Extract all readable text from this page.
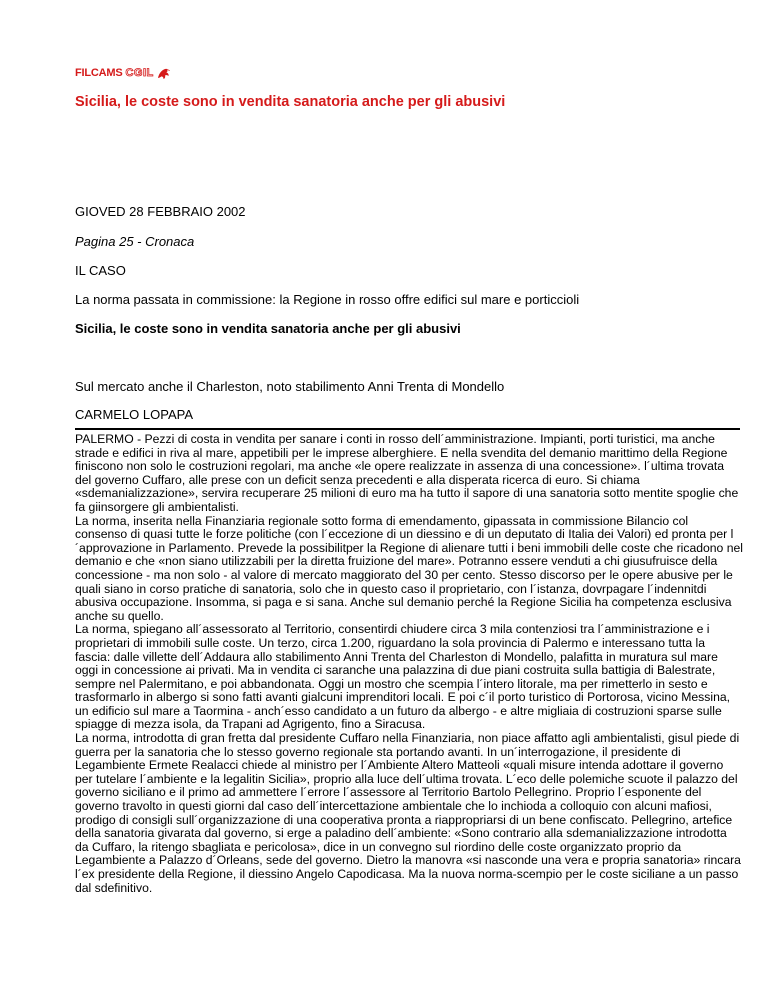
FILCAMS CGIL
Sicilia, le coste sono in vendita sanatoria anche per gli abusivi

GIOVED 28 FEBBRAIO 2002

Pagina 25 - Cronaca

IL CASO

La norma passata in commissione: la Regione in rosso offre edifici sul mare e porticcioli

Sicilia, le coste sono in vendita sanatoria anche per gli abusivi

Sul mercato anche il Charleston, noto stabilimento Anni Trenta di Mondello

CARMELO LOPAPA

PALERMO - Pezzi di costa in vendita per sanare i conti in rosso dell´amministrazione. Impianti, porti turistici, ma anche strade e edifici in riva al mare, appetibili per le imprese alberghiere. E nella svendita del demanio marittimo della Regione finiscono non solo le costruzioni regolari, ma anche «le opere realizzate in assenza di una concessione». l´ultima trovata del governo Cuffaro, alle prese con un deficit senza precedenti e alla disperata ricerca di euro. Si chiama «sdemanializzazione», servira recuperare 25 milioni di euro ma ha tutto il sapore di una sanatoria sotto mentite spoglie che fa giinsorgere gli ambientalisti.

La norma, inserita nella Finanziaria regionale sotto forma di emendamento, gipassata in commissione Bilancio col consenso di quasi tutte le forze politiche (con l´eccezione di un diessino e di un deputato di Italia dei Valori) ed pronta per l´approvazione in Parlamento. Prevede la possibilitper la Regione di alienare tutti i beni immobili delle coste che ricadono nel demanio e che «non siano utilizzabili per la diretta fruizione del mare». Potranno essere venduti a chi giusufruisce della concessione - ma non solo - al valore di mercato maggiorato del 30 per cento. Stesso discorso per le opere abusive per le quali siano in corso pratiche di sanatoria, solo che in questo caso il proprietario, con l´istanza, dovrpagare l´indennitdi abusiva occupazione. Insomma, si paga e si sana. Anche sul demanio perché la Regione Sicilia ha competenza esclusiva anche su quello.

La norma, spiegano all´assessorato al Territorio, consentirdi chiudere circa 3 mila contenziosi tra l´amministrazione e i proprietari di immobili sulle coste. Un terzo, circa 1.200, riguardano la sola provincia di Palermo e interessano tutta la fascia: dalle villette dell´Addaura allo stabilimento Anni Trenta del Charleston di Mondello, palafitta in muratura sul mare oggi in concessione ai privati. Ma in vendita ci saranche una palazzina di due piani costruita sulla battigia di Balestrate, sempre nel Palermitano, e poi abbandonata. Oggi un mostro che scempia l´intero litorale, ma per rimetterlo in sesto e trasformarlo in albergo si sono fatti avanti gialcuni imprenditori locali. E poi c´il porto turistico di Portorosa, vicino Messina, un edificio sul mare a Taormina - anch´esso candidato a un futuro da albergo - e altre migliaia di costruzioni sparse sulle spiagge di mezza isola, da Trapani ad Agrigento, fino a Siracusa.

La norma, introdotta di gran fretta dal presidente Cuffaro nella Finanziaria, non piace affatto agli ambientalisti, gisul piede di guerra per la sanatoria che lo stesso governo regionale sta portando avanti. In un´interrogazione, il presidente di Legambiente Ermete Realacci chiede al ministro per l´Ambiente Altero Matteoli «quali misure intenda adottare il governo per tutelare l´ambiente e la legalitin Sicilia», proprio alla luce dell´ultima trovata. L´eco delle polemiche scuote il palazzo del governo siciliano e il primo ad ammettere l´errore l´assessore al Territorio Bartolo Pellegrino. Proprio l´esponente del governo travolto in questi giorni dal caso dell´intercettazione ambientale che lo inchioda a colloquio con alcuni mafiosi, prodigo di consigli sull´organizzazione di una cooperativa pronta a riappropriarsi di un bene confiscato. Pellegrino, artefice della sanatoria givarata dal governo, si erge a paladino dell´ambiente: «Sono contrario alla sdemanializzazione introdotta da Cuffaro, la ritengo sbagliata e pericolosa», dice in un convegno sul riordino delle coste organizzato proprio da Legambiente a Palazzo d´Orleans, sede del governo. Dietro la manovra «si nasconde una vera e propria sanatoria» rincara l´ex presidente della Regione, il diessino Angelo Capodicasa. Ma la nuova norma-scempio per le coste siciliane a un passo dal sdefinitivo.
